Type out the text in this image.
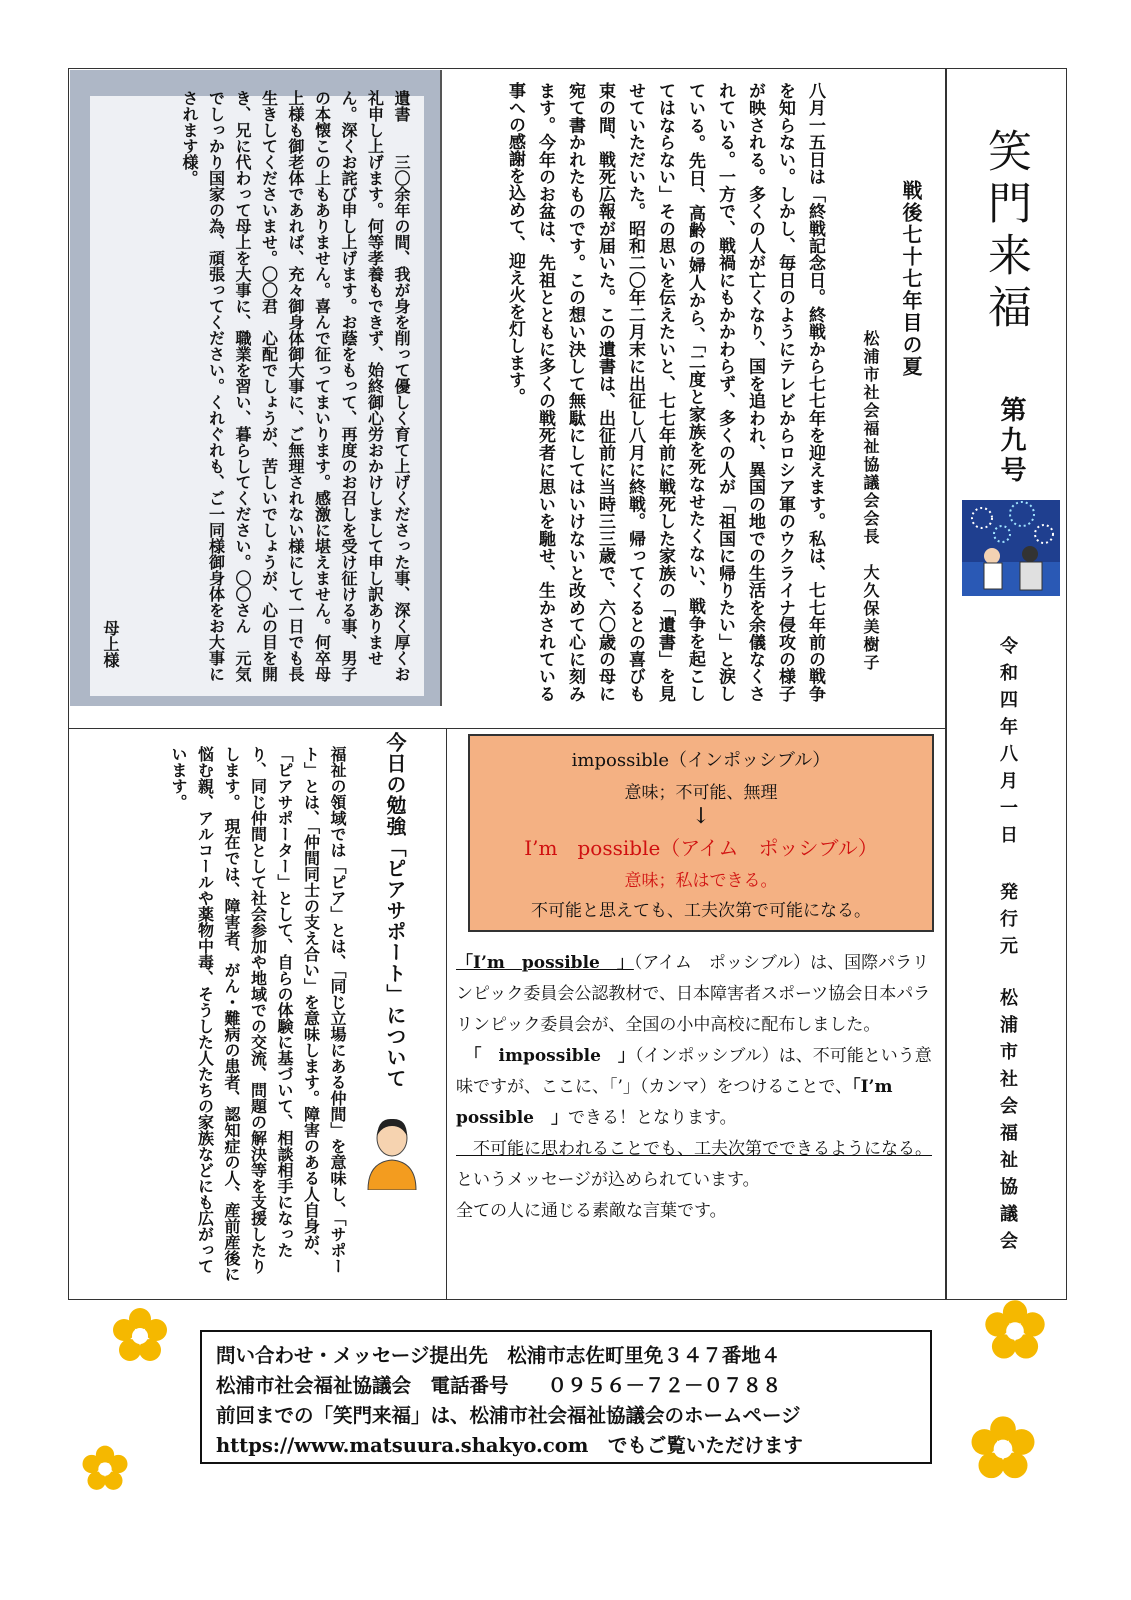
笑門来福
第九号
令和四年八月一日
発行元
松浦市社会福祉協議会
遺書　　三〇余年の間、我が身を削って優しく育て上げくださった事、深く厚くお礼申し上げます。何等孝養もできず、始終御心労おかけしまして申し訳ありません。深くお詫び申し上げます。お蔭をもって、再度のお召しを受け征ける事、男子の本懐この上もありません。喜んで征ってまいります。感激に堪えません。何卒母上様も御老体であれば、充々御身体御大事に、ご無理されない様にして一日でも長生きしてくださいませ。〇〇君　心配でしょうが、苦しいでしょうが、心の目を開き、兄に代わって母上を大事に、職業を習い、暮らしてください。〇〇さん　元気でしっかり国家の為、頑張ってください。くれぐれも、ご一同様御身体をお大事にされます様。
母上様
戦後七十七年目の夏
松浦市社会福祉協議会会長　大久保美樹子
八月一五日は「終戦記念日。終戦から七七年を迎えます。私は、七七年前の戦争を知らない。しかし、毎日のようにテレビからロシア軍のウクライナ侵攻の様子が映される。多くの人が亡くなり、国を追われ、異国の地での生活を余儀なくされている。一方で、戦禍にもかかわらず、多くの人が「祖国に帰りたい」と涙している。先日、高齢の婦人から、「二度と家族を死なせたくない、戦争を起こしてはならない」その思いを伝えたいと、七七年前に戦死した家族の「遺書」を見せていただいた。昭和二〇年二月末に出征し八月に終戦。帰ってくるとの喜びも束の間、戦死広報が届いた。この遺書は、出征前に当時三三歳で、六〇歳の母に宛て書かれたものです。この想い決して無駄にしてはいけないと改めて心に刻みます。今年のお盆は、先祖とともに多くの戦死者に思いを馳せ、生かされている事への感謝を込めて、迎え火を灯します。
今日の勉強「ピアサポート」について
福祉の領域では「ピア」とは、「同じ立場にある仲間」を意味し、「サポート」とは、「仲間同士の支え合い」を意味します。障害のある人自身が、「ピアサポーター」として、自らの体験に基づいて、相談相手になったり、同じ仲間として社会参加や地域での交流、問題の解決等を支援したりします。　現在では、障害者、がん・難病の患者、認知症の人、産前産後に悩む親、アルコールや薬物中毒、そうした人たちの家族などにも広がっています。	impossible（インポッシブル）
意味；不可能、無理
↓
I’m　possible（アイム　ポッシブル）
意味；私はできる。
不可能と思えても、工夫次第で可能になる。

「I’m　possible　」（アイム　ポッシブル）は、国際パラリンピック委員会公認教材で、日本障害者スポーツ協会日本パラリンピック委員会が、全国の小中高校に配布しました。

　「　impossible　」（インポッシブル）は、不可能という意味ですが、ここに、「’」（カンマ）をつけることで、「I’m　possible　」できる！となります。

　不可能に思われることでも、工夫次第でできるようになる。というメッセージが込められています。

全ての人に通じる素敵な言葉です。

問い合わせ・メッセージ提出先　松浦市志佐町里免３４７番地４
松浦市社会福祉協議会　電話番号　　０９５６－７２－０７８８
前回までの「笑門来福」は、松浦市社会福祉協議会のホームページ
https://www.matsuura.shakyo.com　でもご覧いただけます
